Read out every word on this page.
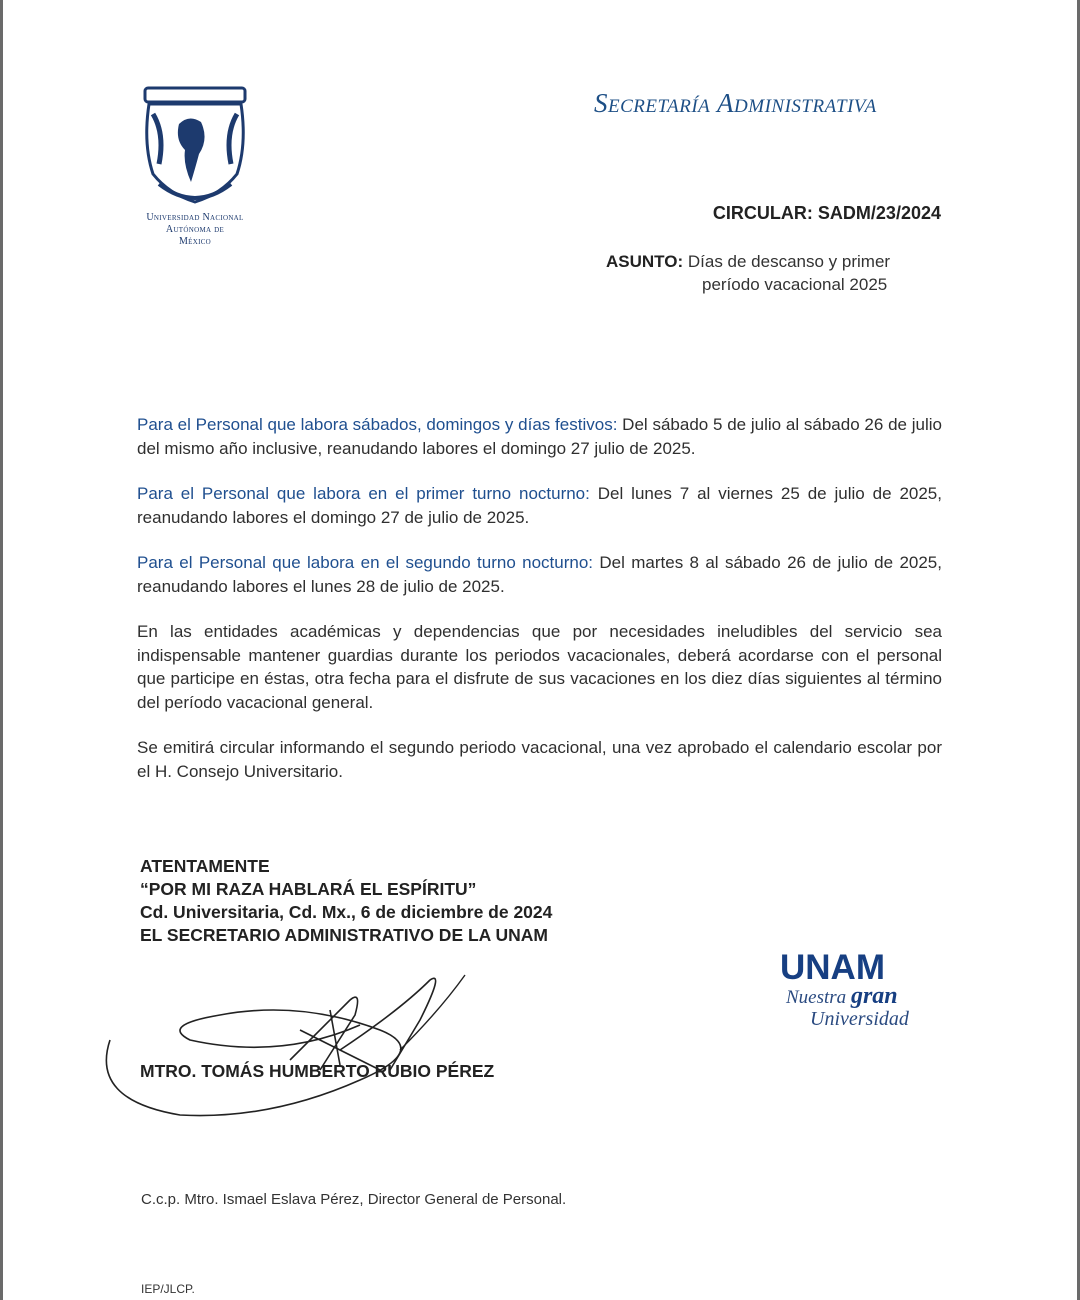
Universidad Nacional
Autónoma de
México
Secretaría Administrativa
CIRCULAR: SADM/23/2024
ASUNTO: Días de descanso y primer
período vacacional 2025

Para el Personal que labora sábados, domingos y días festivos: Del sábado 5 de julio al sábado 26 de julio del mismo año inclusive, reanudando labores el domingo 27 julio de 2025.

Para el Personal que labora en el primer turno nocturno: Del lunes 7 al viernes 25 de julio de 2025, reanudando labores el domingo 27 de julio de 2025.

Para el Personal que labora en el segundo turno nocturno: Del martes 8 al sábado 26 de julio de 2025, reanudando labores el lunes 28 de julio de 2025.

En las entidades académicas y dependencias que por necesidades ineludibles del servicio sea indispensable mantener guardias durante los periodos vacacionales, deberá acordarse con el personal que participe en éstas, otra fecha para el disfrute de sus vacaciones en los diez días siguientes al término del período vacacional general.

Se emitirá circular informando el segundo periodo vacacional, una vez aprobado el calendario escolar por el H. Consejo Universitario.

ATENTAMENTE
“POR MI RAZA HABLARÁ EL ESPÍRITU”
Cd. Universitaria, Cd. Mx., 6 de diciembre de 2024
EL SECRETARIO ADMINISTRATIVO DE LA UNAM
MTRO. TOMÁS HUMBERTO RUBIO PÉREZ
UNAM
Nuestra gran
Universidad
C.c.p. Mtro. Ismael Eslava Pérez, Director General de Personal.
IEP/JLCP.
